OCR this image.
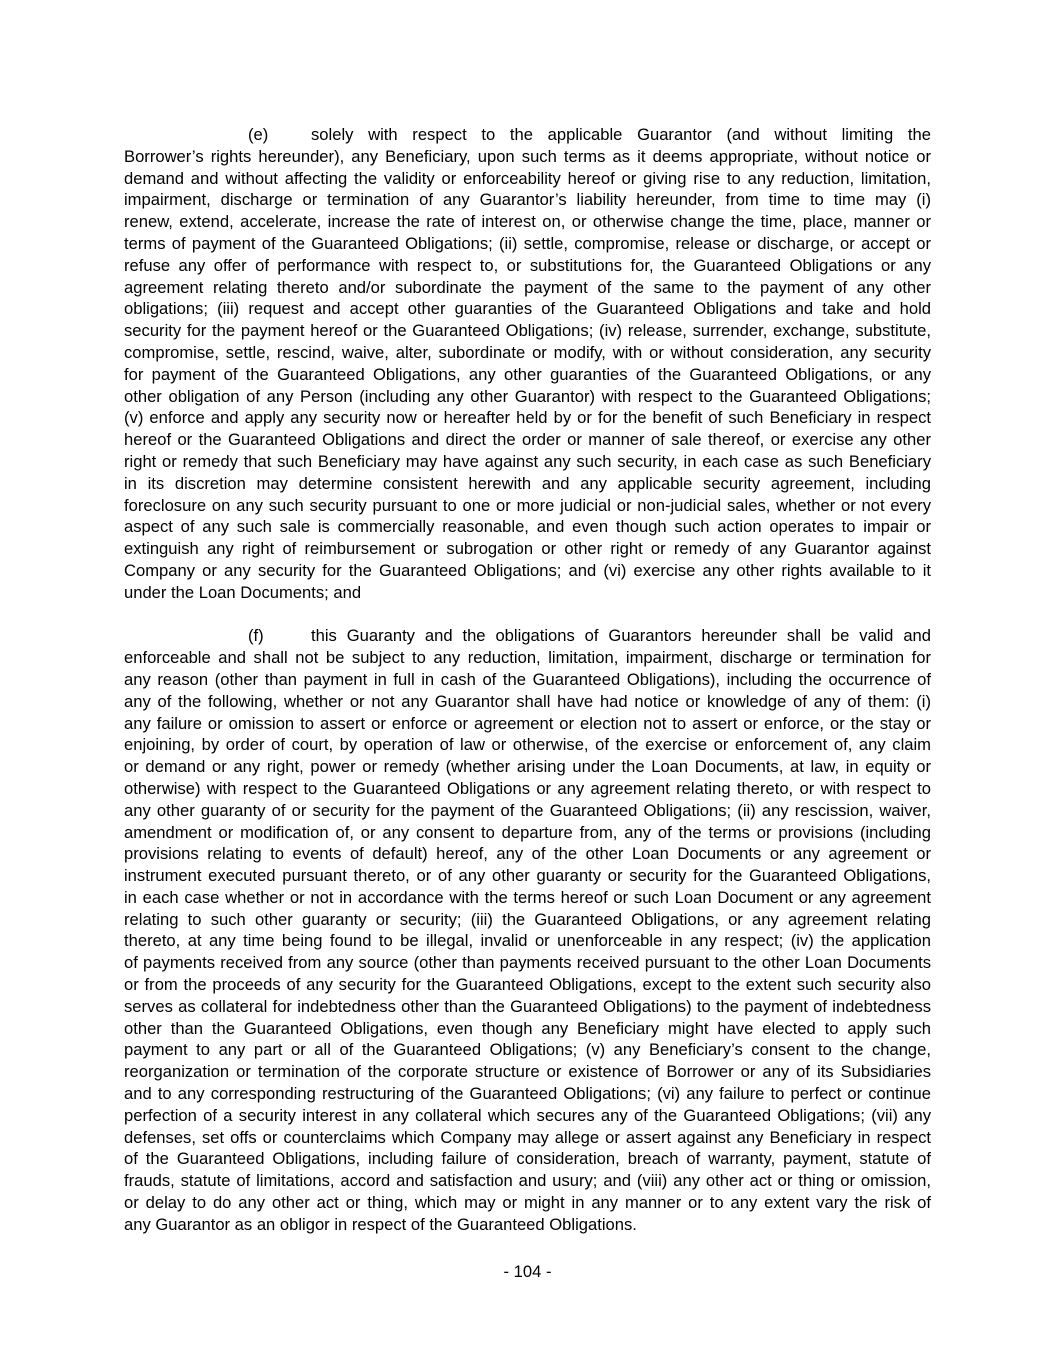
(e)	solely with respect to the applicable Guarantor (and without limiting the
Borrower’s rights hereunder), any Beneficiary, upon such terms as it deems appropriate, without notice or
demand and without affecting the validity or enforceability hereof or giving rise to any reduction, limitation,
impairment, discharge or termination of any Guarantor’s liability hereunder, from time to time may (i)
renew, extend, accelerate, increase the rate of interest on, or otherwise change the time, place, manner or
terms of payment of the Guaranteed Obligations; (ii) settle, compromise, release or discharge, or accept or
refuse any offer of performance with respect to, or substitutions for, the Guaranteed Obligations or any
agreement relating thereto and/or subordinate the payment of the same to the payment of any other
obligations; (iii) request and accept other guaranties of the Guaranteed Obligations and take and hold
security for the payment hereof or the Guaranteed Obligations; (iv) release, surrender, exchange, substitute,
compromise, settle, rescind, waive, alter, subordinate or modify, with or without consideration, any security
for payment of the Guaranteed Obligations, any other guaranties of the Guaranteed Obligations, or any
other obligation of any Person (including any other Guarantor) with respect to the Guaranteed Obligations;
(v) enforce and apply any security now or hereafter held by or for the benefit of such Beneficiary in respect
hereof or the Guaranteed Obligations and direct the order or manner of sale thereof, or exercise any other
right or remedy that such Beneficiary may have against any such security, in each case as such Beneficiary
in its discretion may determine consistent herewith and any applicable security agreement, including
foreclosure on any such security pursuant to one or more judicial or non-judicial sales, whether or not every
aspect of any such sale is commercially reasonable, and even though such action operates to impair or
extinguish any right of reimbursement or subrogation or other right or remedy of any Guarantor against
Company or any security for the Guaranteed Obligations; and (vi) exercise any other rights available to it
under the Loan Documents; and
(f)	this Guaranty and the obligations of Guarantors hereunder shall be valid and
enforceable and shall not be subject to any reduction, limitation, impairment, discharge or termination for
any reason (other than payment in full in cash of the Guaranteed Obligations), including the occurrence of
any of the following, whether or not any Guarantor shall have had notice or knowledge of any of them: (i)
any failure or omission to assert or enforce or agreement or election not to assert or enforce, or the stay or
enjoining, by order of court, by operation of law or otherwise, of the exercise or enforcement of, any claim
or demand or any right, power or remedy (whether arising under the Loan Documents, at law, in equity or
otherwise) with respect to the Guaranteed Obligations or any agreement relating thereto, or with respect to
any other guaranty of or security for the payment of the Guaranteed Obligations; (ii) any rescission, waiver,
amendment or modification of, or any consent to departure from, any of the terms or provisions (including
provisions relating to events of default) hereof, any of the other Loan Documents or any agreement or
instrument executed pursuant thereto, or of any other guaranty or security for the Guaranteed Obligations,
in each case whether or not in accordance with the terms hereof or such Loan Document or any agreement
relating to such other guaranty or security; (iii) the Guaranteed Obligations, or any agreement relating
thereto, at any time being found to be illegal, invalid or unenforceable in any respect; (iv) the application
of payments received from any source (other than payments received pursuant to the other Loan Documents
or from the proceeds of any security for the Guaranteed Obligations, except to the extent such security also
serves as collateral for indebtedness other than the Guaranteed Obligations) to the payment of indebtedness
other than the Guaranteed Obligations, even though any Beneficiary might have elected to apply such
payment to any part or all of the Guaranteed Obligations; (v) any Beneficiary’s consent to the change,
reorganization or termination of the corporate structure or existence of Borrower or any of its Subsidiaries
and to any corresponding restructuring of the Guaranteed Obligations; (vi) any failure to perfect or continue
perfection of a security interest in any collateral which secures any of the Guaranteed Obligations; (vii) any
defenses, set offs or counterclaims which Company may allege or assert against any Beneficiary in respect
of the Guaranteed Obligations, including failure of consideration, breach of warranty, payment, statute of
frauds, statute of limitations, accord and satisfaction and usury; and (viii) any other act or thing or omission,
or delay to do any other act or thing, which may or might in any manner or to any extent vary the risk of
any Guarantor as an obligor in respect of the Guaranteed Obligations.
- 104 -
